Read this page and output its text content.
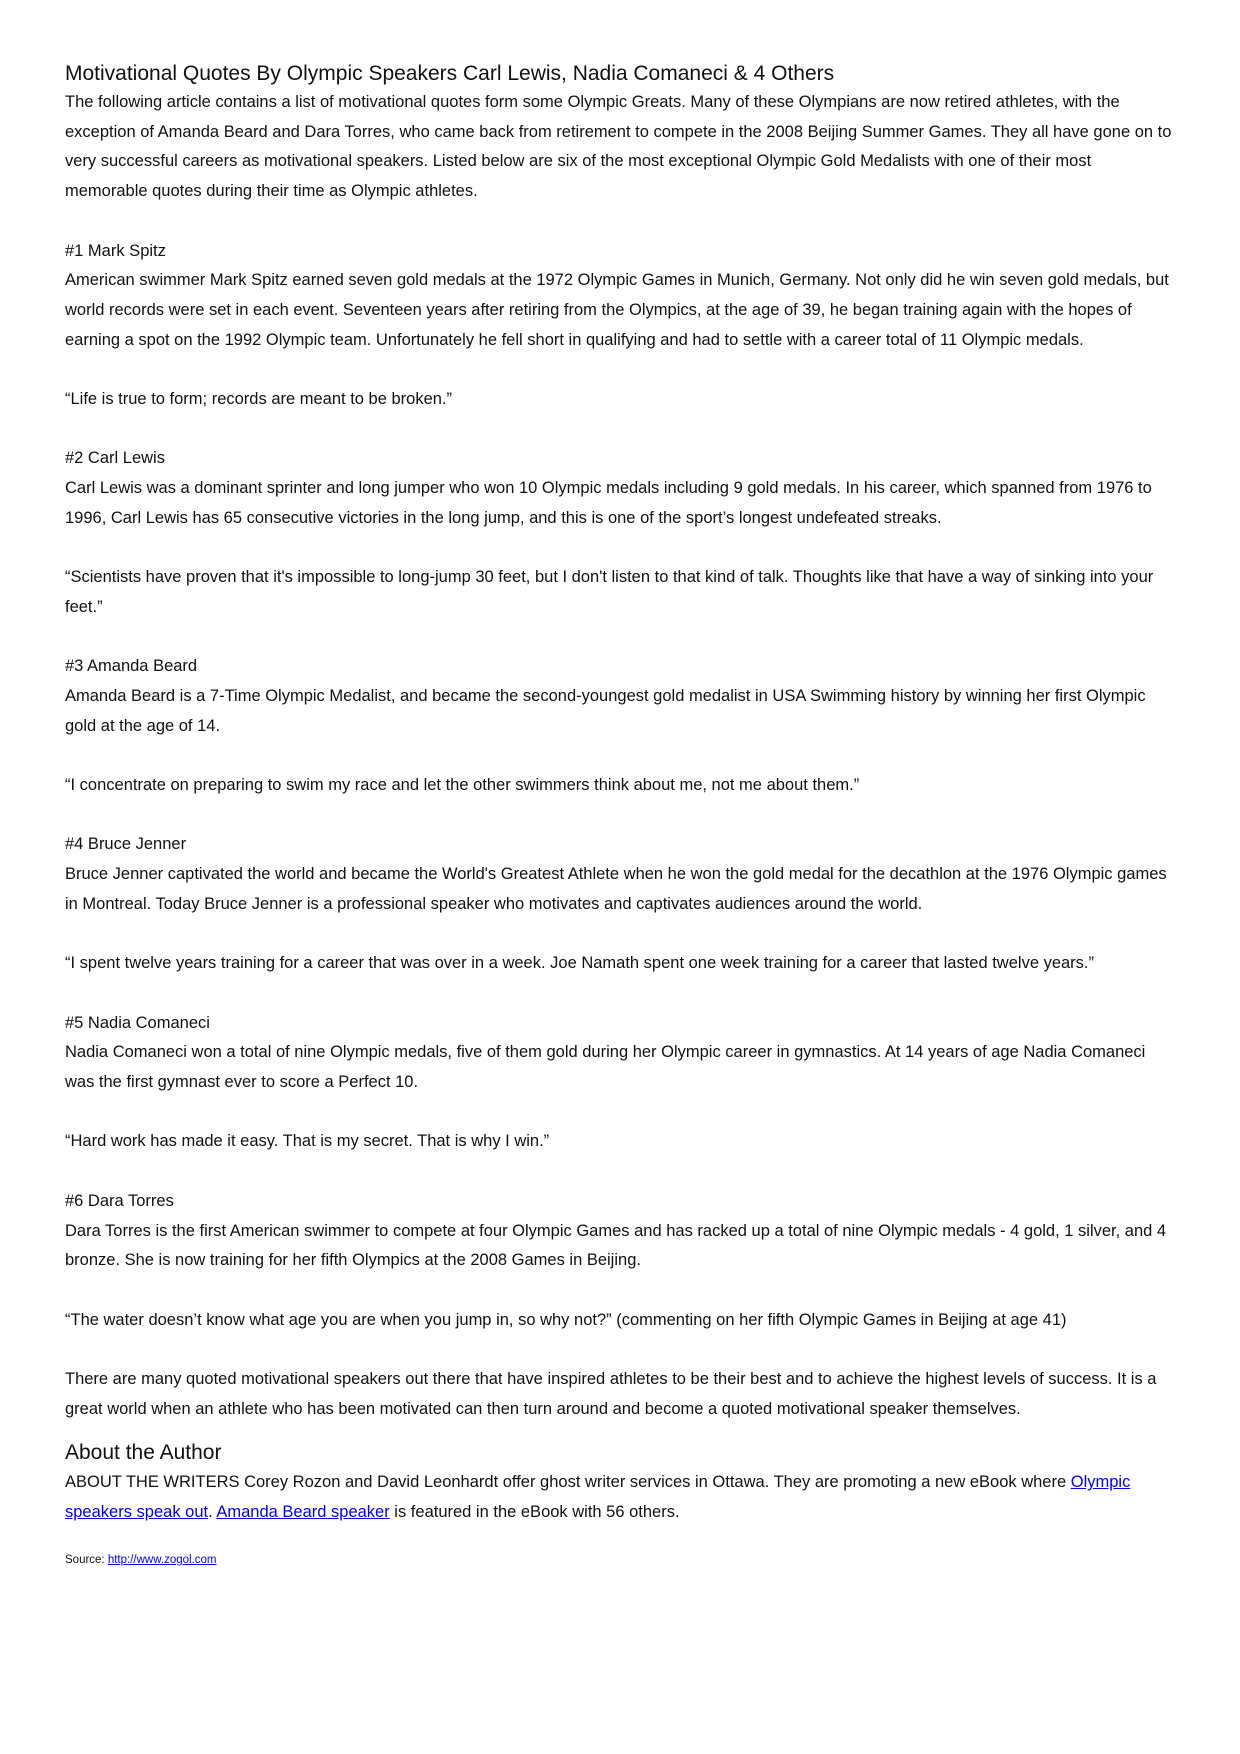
Motivational Quotes By Olympic Speakers Carl Lewis, Nadia Comaneci & 4 Others

The following article contains a list of motivational quotes form some Olympic Greats. Many of these Olympians are now retired athletes, with the exception of Amanda Beard and Dara Torres, who came back from retirement to compete in the 2008 Beijing Summer Games. They all have gone on to very successful careers as motivational speakers. Listed below are six of the most exceptional Olympic Gold Medalists with one of their most memorable quotes during their time as Olympic athletes.

#1 Mark Spitz

American swimmer Mark Spitz earned seven gold medals at the 1972 Olympic Games in Munich, Germany. Not only did he win seven gold medals, but world records were set in each event. Seventeen years after retiring from the Olympics, at the age of 39, he began training again with the hopes of earning a spot on the 1992 Olympic team. Unfortunately he fell short in qualifying and had to settle with a career total of 11 Olympic medals.

“Life is true to form; records are meant to be broken.”

#2 Carl Lewis

Carl Lewis was a dominant sprinter and long jumper who won 10 Olympic medals including 9 gold medals. In his career, which spanned from 1976 to 1996, Carl Lewis has 65 consecutive victories in the long jump, and this is one of the sport’s longest undefeated streaks.

“Scientists have proven that it's impossible to long-jump 30 feet, but I don't listen to that kind of talk. Thoughts like that have a way of sinking into your feet.”

#3 Amanda Beard

Amanda Beard is a 7-Time Olympic Medalist, and became the second-youngest gold medalist in USA Swimming history by winning her first Olympic gold at the age of 14.

“I concentrate on preparing to swim my race and let the other swimmers think about me, not me about them.”

#4 Bruce Jenner

Bruce Jenner captivated the world and became the World's Greatest Athlete when he won the gold medal for the decathlon at the 1976 Olympic games in Montreal. Today Bruce Jenner is a professional speaker who motivates and captivates audiences around the world.

“I spent twelve years training for a career that was over in a week. Joe Namath spent one week training for a career that lasted twelve years.”

#5 Nadia Comaneci

Nadia Comaneci won a total of nine Olympic medals, five of them gold during her Olympic career in gymnastics. At 14 years of age Nadia Comaneci was the first gymnast ever to score a Perfect 10.

“Hard work has made it easy. That is my secret. That is why I win.”

#6 Dara Torres

Dara Torres is the first American swimmer to compete at four Olympic Games and has racked up a total of nine Olympic medals - 4 gold, 1 silver, and 4 bronze. She is now training for her fifth Olympics at the 2008 Games in Beijing.

“The water doesn’t know what age you are when you jump in, so why not?” (commenting on her fifth Olympic Games in Beijing at age 41)

There are many quoted motivational speakers out there that have inspired athletes to be their best and to achieve the highest levels of success. It is a great world when an athlete who has been motivated can then turn around and become a quoted motivational speaker themselves.

About the Author

ABOUT THE WRITERS Corey Rozon and David Leonhardt offer ghost writer services in Ottawa. They are promoting a new eBook where Olympic speakers speak out. Amanda Beard speaker is featured in the eBook with 56 others.

Source: http://www.zogol.com
